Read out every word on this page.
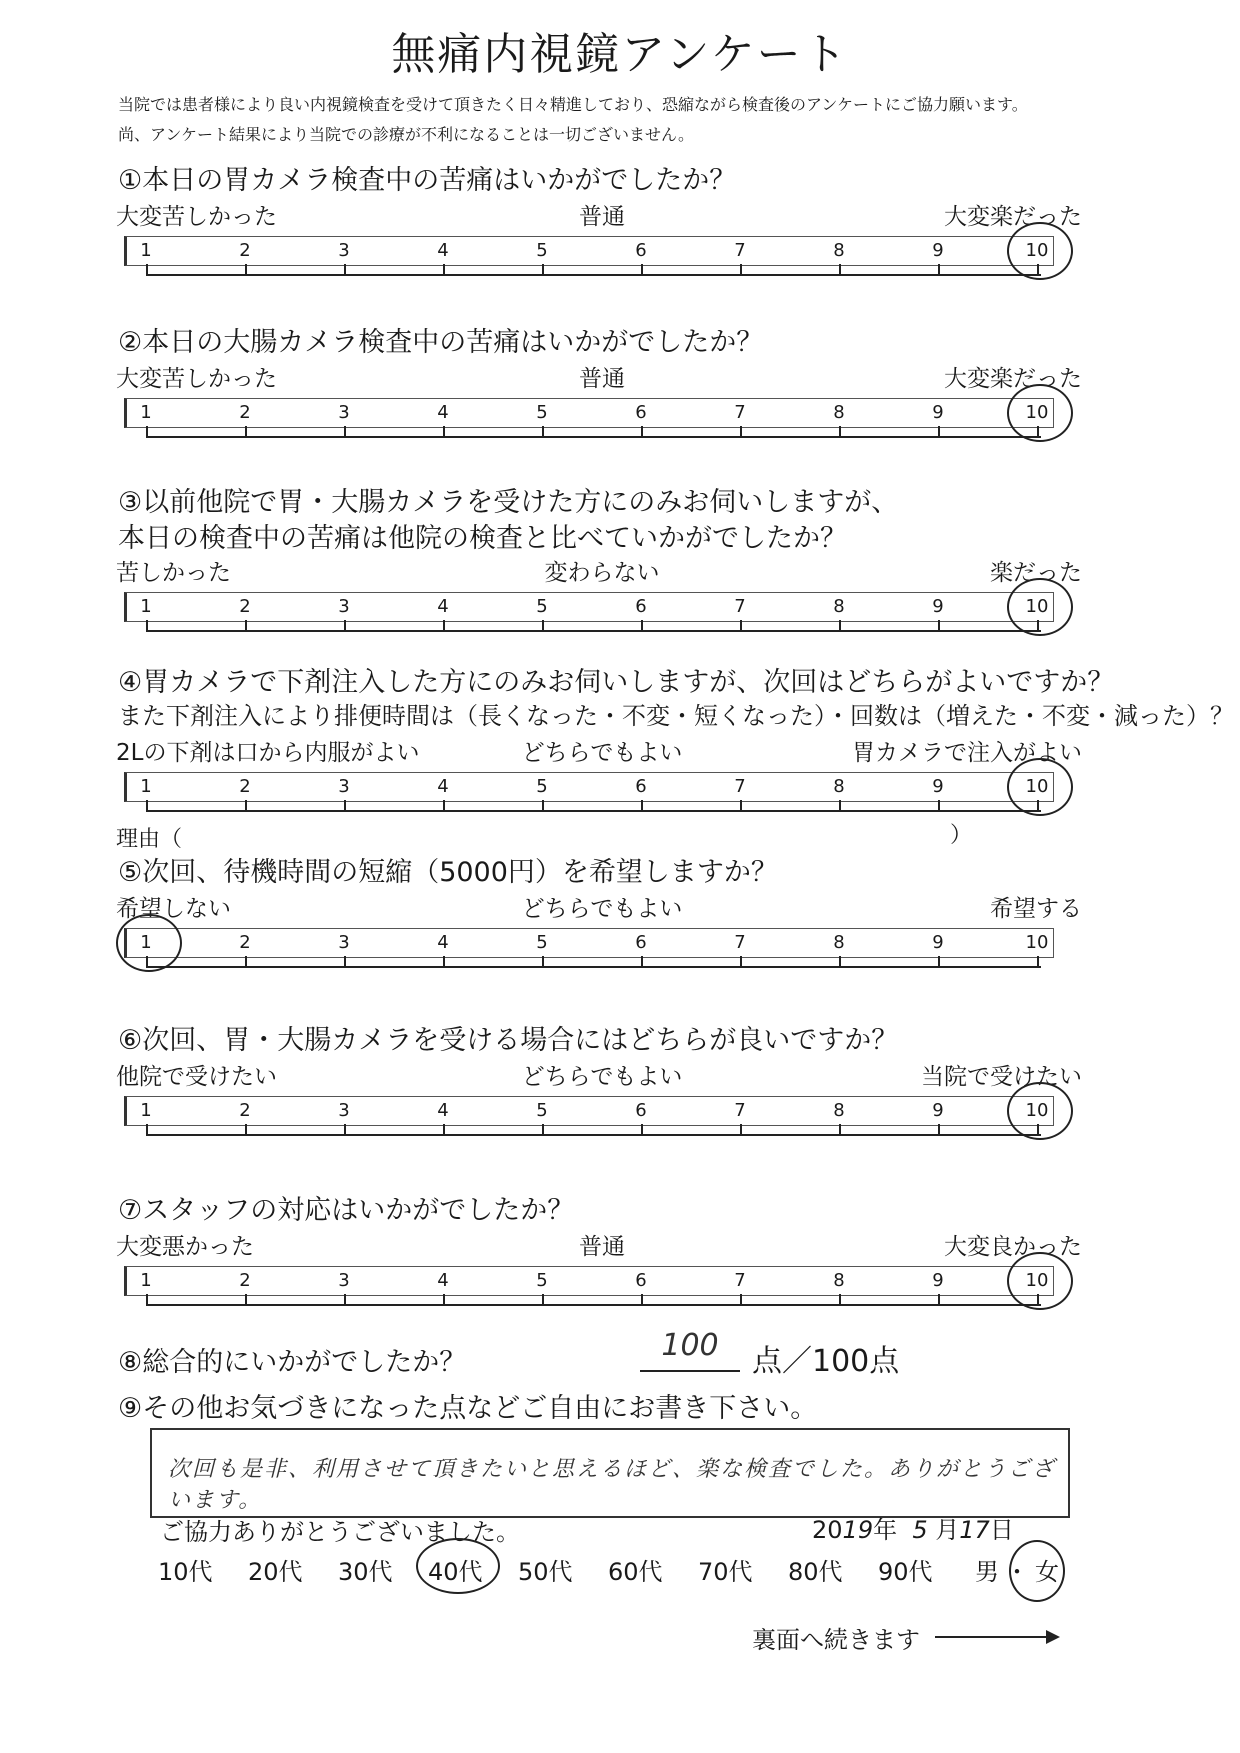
無痛内視鏡アンケート
当院では患者様により良い内視鏡検査を受けて頂きたく日々精進しており、恐縮ながら検査後のアンケートにご協力願います。
尚、アンケート結果により当院での診療が不利になることは一切ございません。
①本日の胃カメラ検査中の苦痛はいかがでしたか？
大変苦しかった	普通	大変楽だった
1	2	3	4	5	6	7	8	9	10
②本日の大腸カメラ検査中の苦痛はいかがでしたか？
大変苦しかった	普通	大変楽だった
1	2	3	4	5	6	7	8	9	10
③以前他院で胃・大腸カメラを受けた方にのみお伺いしますが、
本日の検査中の苦痛は他院の検査と比べていかがでしたか？
苦しかった	変わらない	楽だった
1	2	3	4	5	6	7	8	9	10
④胃カメラで下剤注入した方にのみお伺いしますが、次回はどちらがよいですか？
また下剤注入により排便時間は（長くなった・不変・短くなった）・回数は（増えた・不変・減った）？
2Lの下剤は口から内服がよい	どちらでもよい	胃カメラで注入がよい
1	2	3	4	5	6	7	8	9	10
理由（	）
⑤次回、待機時間の短縮（5000円）を希望しますか？
希望しない	どちらでもよい	希望する
1	2	3	4	5	6	7	8	9	10
⑥次回、胃・大腸カメラを受ける場合にはどちらが良いですか？
他院で受けたい	どちらでもよい	当院で受けたい
1	2	3	4	5	6	7	8	9	10
⑦スタッフの対応はいかがでしたか？
大変悪かった	普通	大変良かった
1	2	3	4	5	6	7	8	9	10
⑧総合的にいかがでしたか？	100	点／100点
⑨その他お気づきになった点などご自由にお書き下さい。
次回も是非、利用させて頂きたいと思えるほど、楽な検査でした。ありがとうございます。
ご協力ありがとうございました。	2019年 5 月17日
10代 20代 30代 40代 50代 60代 70代 80代 90代 男 ・ 女
裏面へ続きます
